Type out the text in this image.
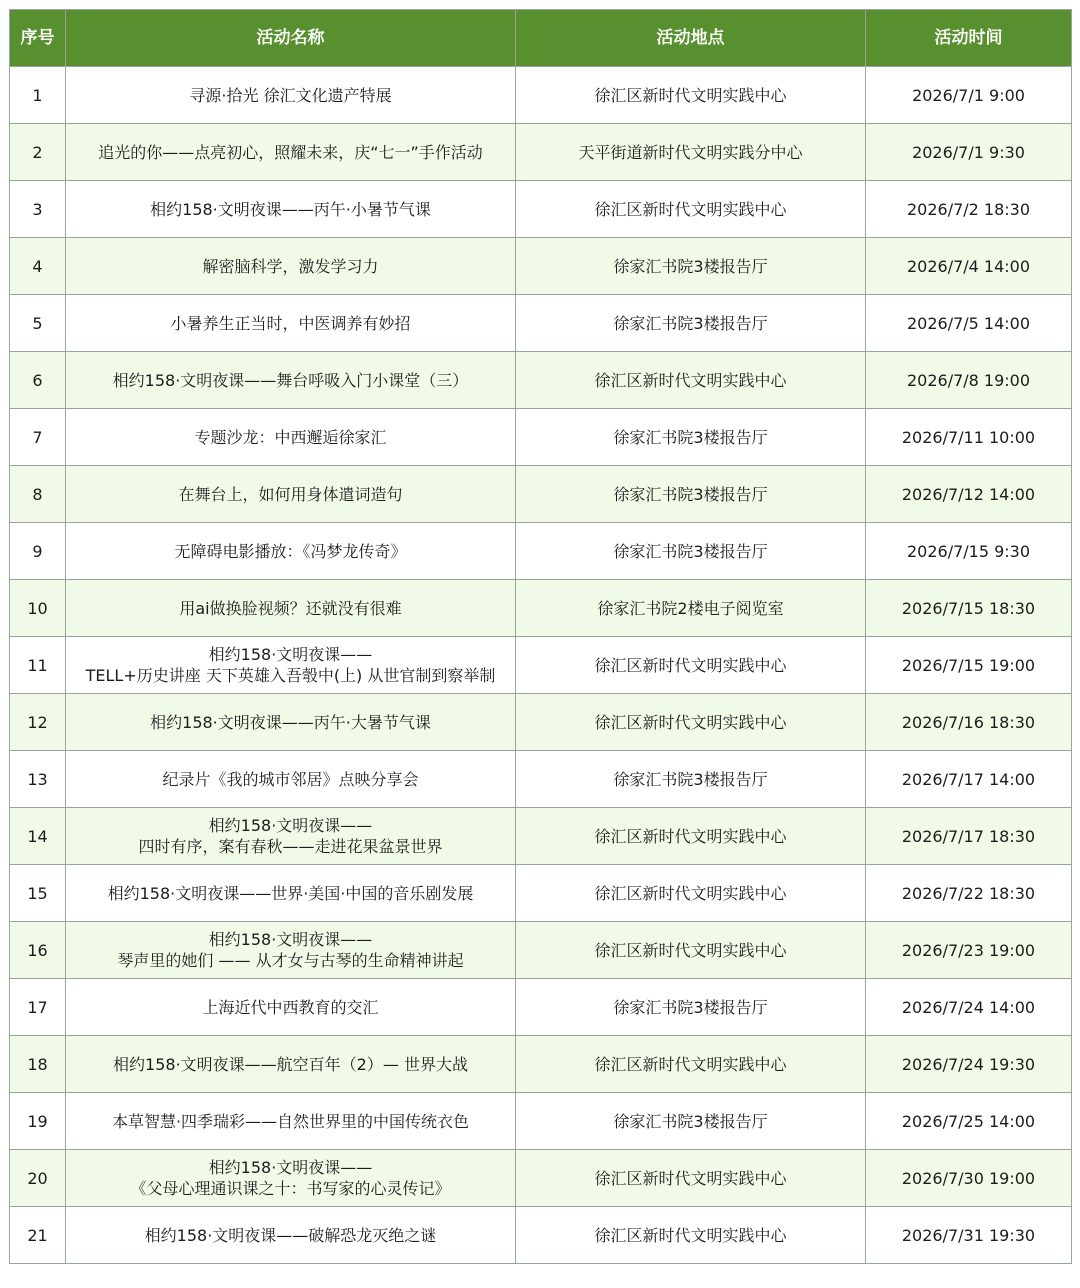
序号	活动名称	活动地点	活动时间
1	寻源·拾光 徐汇文化遗产特展	徐汇区新时代文明实践中心	2026/7/1 9:00
2	追光的你——点亮初心，照耀未来，庆“七一”手作活动	天平街道新时代文明实践分中心	2026/7/1 9:30
3	相约158·文明夜课——丙午·小暑节气课	徐汇区新时代文明实践中心	2026/7/2 18:30
4	解密脑科学，激发学习力	徐家汇书院3楼报告厅	2026/7/4 14:00
5	小暑养生正当时，中医调养有妙招	徐家汇书院3楼报告厅	2026/7/5 14:00
6	相约158·文明夜课——舞台呼吸入门小课堂（三）	徐汇区新时代文明实践中心	2026/7/8 19:00
7	专题沙龙：中西邂逅徐家汇	徐家汇书院3楼报告厅	2026/7/11 10:00
8	在舞台上，如何用身体遣词造句	徐家汇书院3楼报告厅	2026/7/12 14:00
9	无障碍电影播放：《冯梦龙传奇》	徐家汇书院3楼报告厅	2026/7/15 9:30
10	用ai做换脸视频？还就没有很难	徐家汇书院2楼电子阅览室	2026/7/15 18:30
11	相约158·文明夜课——
TELL+历史讲座 天下英雄入吾彀中(上) 从世官制到察举制	徐汇区新时代文明实践中心	2026/7/15 19:00
12	相约158·文明夜课——丙午·大暑节气课	徐汇区新时代文明实践中心	2026/7/16 18:30
13	纪录片《我的城市邻居》点映分享会	徐家汇书院3楼报告厅	2026/7/17 14:00
14	相约158·文明夜课——
四时有序，案有春秋——走进花果盆景世界	徐汇区新时代文明实践中心	2026/7/17 18:30
15	相约158·文明夜课——世界·美国·中国的音乐剧发展	徐汇区新时代文明实践中心	2026/7/22 18:30
16	相约158·文明夜课——
琴声里的她们 —— 从才女与古琴的生命精神讲起	徐汇区新时代文明实践中心	2026/7/23 19:00
17	上海近代中西教育的交汇	徐家汇书院3楼报告厅	2026/7/24 14:00
18	相约158·文明夜课——航空百年（2）— 世界大战	徐汇区新时代文明实践中心	2026/7/24 19:30
19	本草智慧·四季瑞彩——自然世界里的中国传统衣色	徐家汇书院3楼报告厅	2026/7/25 14:00
20	相约158·文明夜课——
《父母心理通识课之十：书写家的心灵传记》	徐汇区新时代文明实践中心	2026/7/30 19:00
21	相约158·文明夜课——破解恐龙灭绝之谜	徐汇区新时代文明实践中心	2026/7/31 19:30
